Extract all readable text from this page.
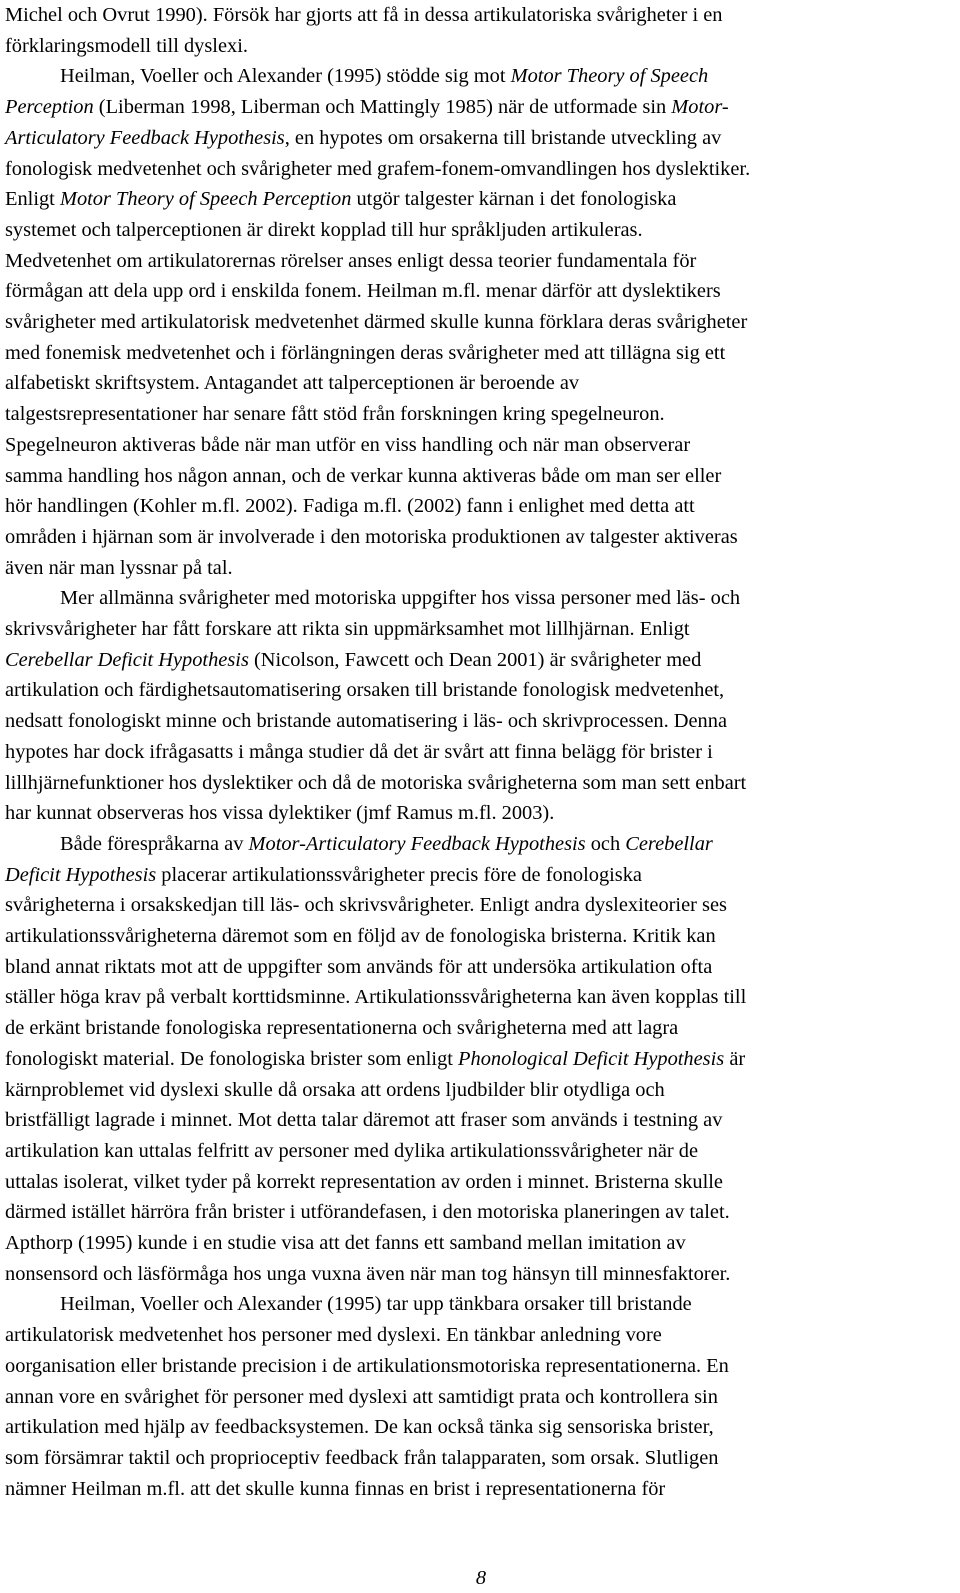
Michel och Ovrut 1990). Försök har gjorts att få in dessa artikulatoriska svårigheter i en
förklaringsmodell till dyslexi.
Heilman, Voeller och Alexander (1995) stödde sig mot Motor Theory of Speech
Perception (Liberman 1998, Liberman och Mattingly 1985) när de utformade sin Motor-
Articulatory Feedback Hypothesis, en hypotes om orsakerna till bristande utveckling av
fonologisk medvetenhet och svårigheter med grafem-fonem-omvandlingen hos dyslektiker.
Enligt Motor Theory of Speech Perception utgör talgester kärnan i det fonologiska
systemet och talperceptionen är direkt kopplad till hur språkljuden artikuleras.
Medvetenhet om artikulatorernas rörelser anses enligt dessa teorier fundamentala för
förmågan att dela upp ord i enskilda fonem. Heilman m.fl. menar därför att dyslektikers
svårigheter med artikulatorisk medvetenhet därmed skulle kunna förklara deras svårigheter
med fonemisk medvetenhet och i förlängningen deras svårigheter med att tillägna sig ett
alfabetiskt skriftsystem. Antagandet att talperceptionen är beroende av
talgestsrepresentationer har senare fått stöd från forskningen kring spegelneuron.
Spegelneuron aktiveras både när man utför en viss handling och när man observerar
samma handling hos någon annan, och de verkar kunna aktiveras både om man ser eller
hör handlingen (Kohler m.fl. 2002). Fadiga m.fl. (2002) fann i enlighet med detta att
områden i hjärnan som är involverade i den motoriska produktionen av talgester aktiveras
även när man lyssnar på tal.
Mer allmänna svårigheter med motoriska uppgifter hos vissa personer med läs- och
skrivsvårigheter har fått forskare att rikta sin uppmärksamhet mot lillhjärnan. Enligt
Cerebellar Deficit Hypothesis (Nicolson, Fawcett och Dean 2001) är svårigheter med
artikulation och färdighetsautomatisering orsaken till bristande fonologisk medvetenhet,
nedsatt fonologiskt minne och bristande automatisering i läs- och skrivprocessen. Denna
hypotes har dock ifrågasatts i många studier då det är svårt att finna belägg för brister i
lillhjärnefunktioner hos dyslektiker och då de motoriska svårigheterna som man sett enbart
har kunnat observeras hos vissa dylektiker (jmf Ramus m.fl. 2003).
Både förespråkarna av Motor-Articulatory Feedback Hypothesis och Cerebellar
Deficit Hypothesis placerar artikulationssvårigheter precis före de fonologiska
svårigheterna i orsakskedjan till läs- och skrivsvårigheter. Enligt andra dyslexiteorier ses
artikulationssvårigheterna däremot som en följd av de fonologiska bristerna. Kritik kan
bland annat riktats mot att de uppgifter som används för att undersöka artikulation ofta
ställer höga krav på verbalt korttidsminne. Artikulationssvårigheterna kan även kopplas till
de erkänt bristande fonologiska representationerna och svårigheterna med att lagra
fonologiskt material. De fonologiska brister som enligt Phonological Deficit Hypothesis är
kärnproblemet vid dyslexi skulle då orsaka att ordens ljudbilder blir otydliga och
bristfälligt lagrade i minnet. Mot detta talar däremot att fraser som används i testning av
artikulation kan uttalas felfritt av personer med dylika artikulationssvårigheter när de
uttalas isolerat, vilket tyder på korrekt representation av orden i minnet. Bristerna skulle
därmed istället härröra från brister i utförandefasen, i den motoriska planeringen av talet.
Apthorp (1995) kunde i en studie visa att det fanns ett samband mellan imitation av
nonsensord och läsförmåga hos unga vuxna även när man tog hänsyn till minnesfaktorer.
Heilman, Voeller och Alexander (1995) tar upp tänkbara orsaker till bristande
artikulatorisk medvetenhet hos personer med dyslexi. En tänkbar anledning vore
oorganisation eller bristande precision i de artikulationsmotoriska representationerna. En
annan vore en svårighet för personer med dyslexi att samtidigt prata och kontrollera sin
artikulation med hjälp av feedbacksystemen. De kan också tänka sig sensoriska brister,
som försämrar taktil och proprioceptiv feedback från talapparaten, som orsak. Slutligen
nämner Heilman m.fl. att det skulle kunna finnas en brist i representationerna för
8
